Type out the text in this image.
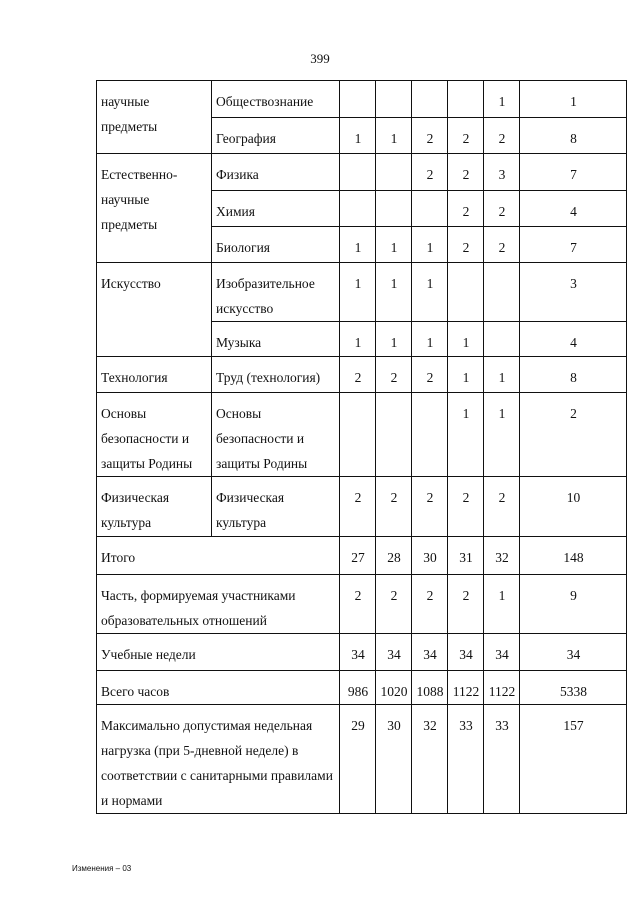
399
научные предметы	Обществознание					1	1
	География	1	1	2	2	2	8
Естественно-научные предметы	Физика			2	2	3	7
	Химия				2	2	4
	Биология	1	1	1	2	2	7
Искусство	Изобразительное искусство	1	1	1			3
	Музыка	1	1	1	1		4
Технология	Труд (технология)	2	2	2	1	1	8
Основы безопасности и защиты Родины	Основы безопасности и защиты Родины				1	1	2
Физическая культура	Физическая культура	2	2	2	2	2	10
Итого		27	28	30	31	32	148
Часть, формируемая участниками образовательных отношений		2	2	2	2	1	9
Учебные недели		34	34	34	34	34	34
Всего часов		986	1020	1088	1122	1122	5338
Максимально допустимая недельная нагрузка (при 5-дневной неделе) в соответствии с санитарными правилами и нормами		29	30	32	33	33	157
Изменения – 03
